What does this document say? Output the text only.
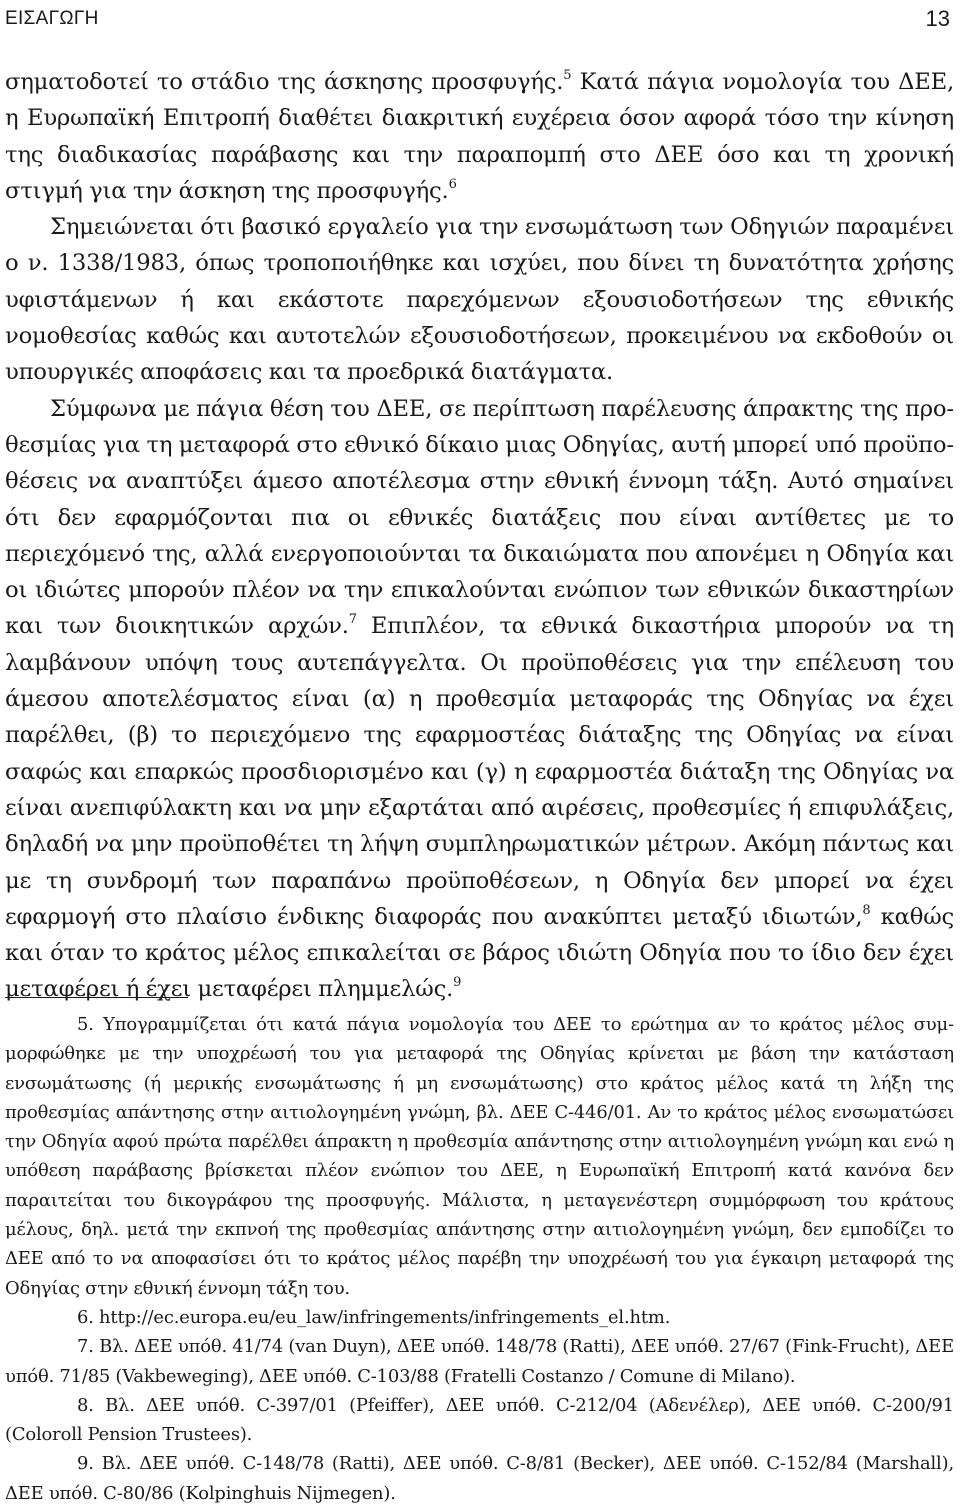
ΕΙΣΑΓΩΓΗ	13

σηματοδοτεί το στάδιο της άσκησης προσφυγής.$^5$ Κατά πάγια νομολογία του ΔΕΕ, η Ευρωπαϊκή Επιτροπή διαθέτει διακριτική ευχέρεια όσον αφορά τόσο την κίνηση της διαδικασίας παράβασης και την παραπομπή στο ΔΕΕ όσο και τη χρονική στιγμή για την άσκηση της προσφυγής.$^6$

Σημειώνεται ότι βασικό εργαλείο για την ενσωμάτωση των Οδηγιών παραμένει ο ν. 1338/1983, όπως τροποποιήθηκε και ισχύει, που δίνει τη δυνατότητα χρήσης υφιστάμενων ή και εκάστοτε παρεχόμενων εξουσιοδοτήσεων της εθνικής νομοθεσίας καθώς και αυτοτελών εξουσιοδοτήσεων, προκειμένου να εκδοθούν οι υπουργικές αποφάσεις και τα προεδρικά διατάγματα.

Σύμφωνα με πάγια θέση του ΔΕΕ, σε περίπτωση παρέλευσης άπρακτης της προθεσμίας για τη μεταφορά στο εθνικό δίκαιο μιας Οδηγίας, αυτή μπορεί υπό προϋποθέσεις να αναπτύξει άμεσο αποτέλεσμα στην εθνική έννομη τάξη. Αυτό σημαίνει ότι δεν εφαρμόζονται πια οι εθνικές διατάξεις που είναι αντίθετες με το περιεχόμενό της, αλλά ενεργοποιούνται τα δικαιώματα που απονέμει η Οδηγία και οι ιδιώτες μπορούν πλέον να την επικαλούνται ενώπιον των εθνικών δικαστηρίων και των διοικητικών αρχών.$^7$ Επιπλέον, τα εθνικά δικαστήρια μπορούν να τη λαμβάνουν υπόψη τους αυτεπάγγελτα. Οι προϋποθέσεις για την επέλευση του άμεσου αποτελέσματος είναι (α) η προθεσμία μεταφοράς της Οδηγίας να έχει παρέλθει, (β) το περιεχόμενο της εφαρμοστέας διάταξης της Οδηγίας να είναι σαφώς και επαρκώς προσδιορισμένο και (γ) η εφαρμοστέα διάταξη της Οδηγίας να είναι ανεπιφύλακτη και να μην εξαρτάται από αιρέσεις, προθεσμίες ή επιφυλάξεις, δηλαδή να μην προϋποθέτει τη λήψη συμπληρωματικών μέτρων. Ακόμη πάντως και με τη συνδρομή των παραπάνω προϋποθέσεων, η Οδηγία δεν μπορεί να έχει εφαρμογή στο πλαίσιο ένδικης διαφοράς που ανακύπτει μεταξύ ιδιωτών,$^8$ καθώς και όταν το κράτος μέλος επικαλείται σε βάρος ιδιώτη Οδηγία που το ίδιο δεν έχει μεταφέρει ή έχει μεταφέρει πλημμελώς.$^9$

5. Υπογραμμίζεται ότι κατά πάγια νομολογία του ΔΕΕ το ερώτημα αν το κράτος μέλος συμμορφώθηκε με την υποχρέωσή του για μεταφορά της Οδηγίας κρίνεται με βάση την κατάσταση ενσωμάτωσης (ή μερικής ενσωμάτωσης ή μη ενσωμάτωσης) στο κράτος μέλος κατά τη λήξη της προθεσμίας απάντησης στην αιτιολογημένη γνώμη, βλ. ΔΕΕ C-446/01. Αν το κράτος μέλος ενσωματώσει την Οδηγία αφού πρώτα παρέλθει άπρακτη η προθεσμία απάντησης στην αιτιολογημένη γνώμη και ενώ η υπόθεση παράβασης βρίσκεται πλέον ενώπιον του ΔΕΕ, η Ευρωπαϊκή Επιτροπή κατά κανόνα δεν παραιτείται του δικογράφου της προσφυγής. Μάλιστα, η μεταγενέστερη συμμόρφωση του κράτους μέλους, δηλ. μετά την εκπνοή της προθεσμίας απάντησης στην αιτιολογημένη γνώμη, δεν εμποδίζει το ΔΕΕ από το να αποφασίσει ότι το κράτος μέλος παρέβη την υποχρέωσή του για έγκαιρη μεταφορά της Οδηγίας στην εθνική έννομη τάξη του.

6. http://ec.europa.eu/eu_law/infringements/infringements_el.htm.

7. Βλ. ΔΕΕ υπόθ. 41/74 (van Duyn), ΔΕΕ υπόθ. 148/78 (Ratti), ΔΕΕ υπόθ. 27/67 (Fink-Frucht), ΔΕΕ υπόθ. 71/85 (Vakbeweging), ΔΕΕ υπόθ. C-103/88 (Fratelli Costanzo / Comune di Milano).

8. Βλ. ΔΕΕ υπόθ. C-397/01 (Pfeiffer), ΔΕΕ υπόθ. C-212/04 (Αδενέλερ), ΔΕΕ υπόθ. C-200/91 (Coloroll Pension Trustees).

9. Βλ. ΔΕΕ υπόθ. C-148/78 (Ratti), ΔΕΕ υπόθ. C-8/81 (Becker), ΔΕΕ υπόθ. C-152/84 (Marshall), ΔΕΕ υπόθ. C-80/86 (Kolpinghuis Nijmegen).
